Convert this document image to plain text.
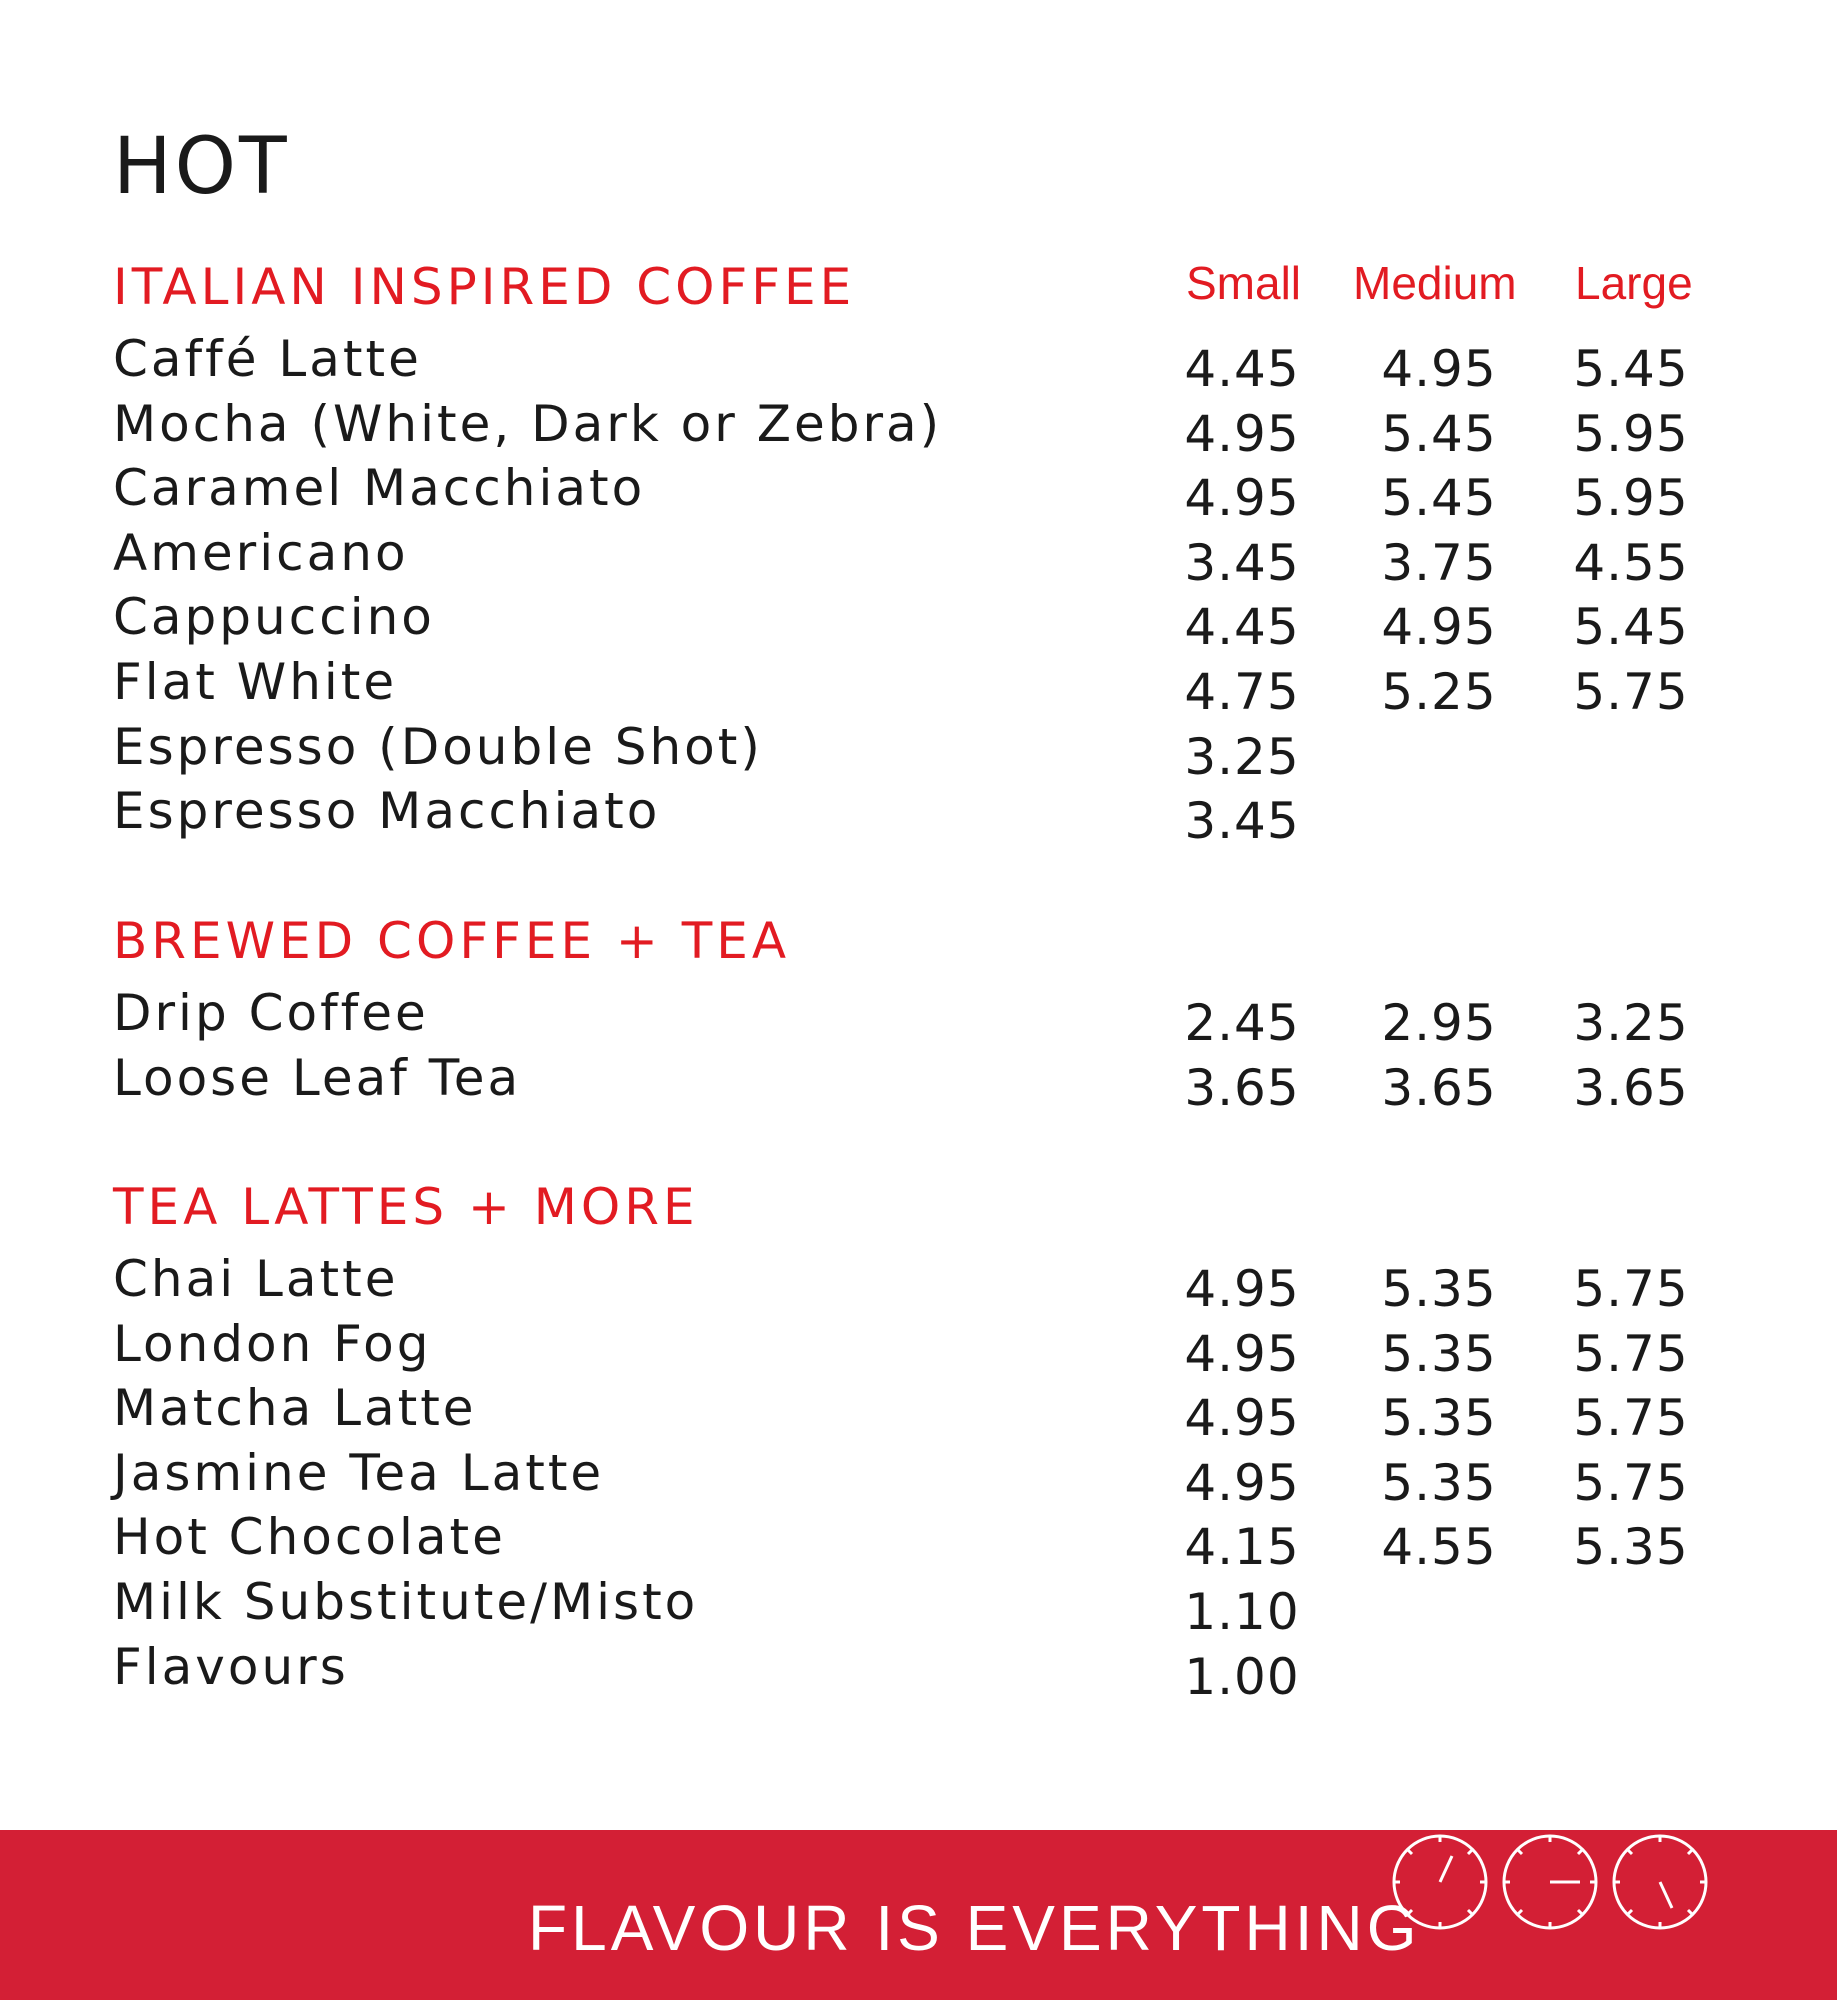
HOT
Small Medium Large
ITALIAN INSPIRED COFFEE
Caffé Latte	4.45 4.95 5.45
Mocha (White, Dark or Zebra)	4.95 5.45 5.95
Caramel Macchiato	4.95 5.45 5.95
Americano	3.45 3.75 4.55
Cappuccino	4.45 4.95 5.45
Flat White	4.75 5.25 5.75
Espresso (Double Shot)	3.25
Espresso Macchiato	3.45
BREWED COFFEE + TEA
Drip Coffee	2.45 2.95 3.25
Loose Leaf Tea	3.65 3.65 3.65
TEA LATTES + MORE
Chai Latte	4.95 5.35 5.75
London Fog	4.95 5.35 5.75
Matcha Latte	4.95 5.35 5.75
Jasmine Tea Latte	4.95 5.35 5.75
Hot Chocolate	4.15 4.55 5.35
Milk Substitute/Misto	1.10
Flavours	1.00
FLAVOUR IS EVERYTHING
